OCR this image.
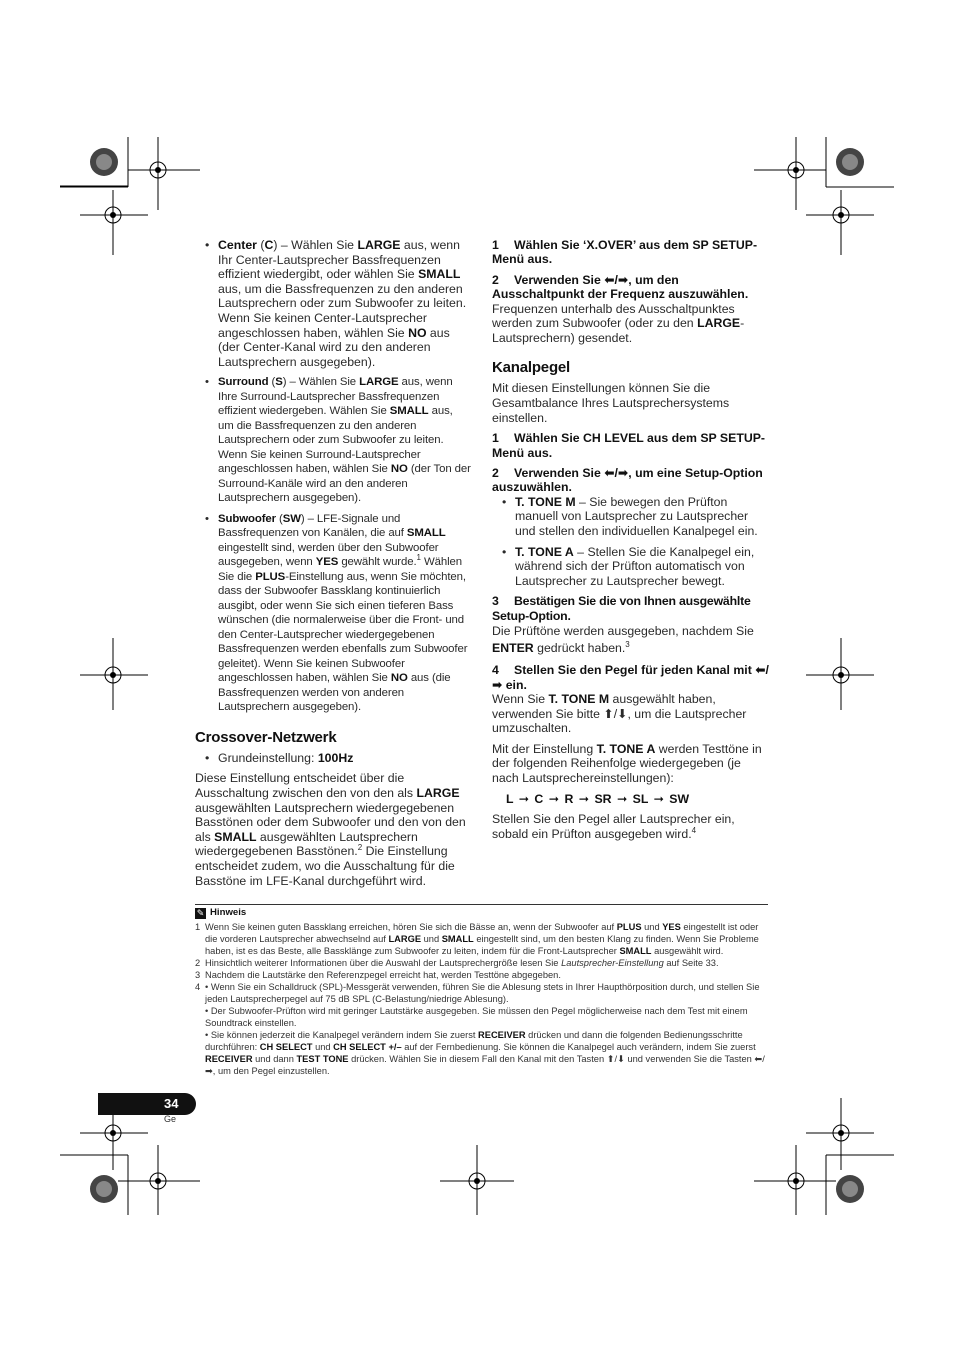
• Center (C) – Wählen Sie LARGE aus, wenn Ihr Center-Lautsprecher Bassfrequenzen effizient wiedergibt, oder wählen Sie SMALL aus, um die Bassfrequenzen zu den anderen Lautsprechern oder zum Subwoofer zu leiten. Wenn Sie keinen Center-Lautsprecher angeschlossen haben, wählen Sie NO aus (der Center-Kanal wird zu den anderen Lautsprechern ausgegeben).
• Surround (S) – Wählen Sie LARGE aus, wenn Ihre Surround-Lautsprecher Bassfrequenzen effizient wiedergeben. Wählen Sie SMALL aus, um die Bassfrequenzen zu den anderen Lautsprechern oder zum Subwoofer zu leiten. Wenn Sie keinen Surround-Lautsprecher angeschlossen haben, wählen Sie NO (der Ton der Surround-Kanäle wird an den anderen Lautsprechern ausgegeben).
• Subwoofer (SW) – LFE-Signale und Bassfrequenzen von Kanälen, die auf SMALL eingestellt sind, werden über den Subwoofer ausgegeben, wenn YES gewählt wurde.$^1$ Wählen Sie die PLUS-Einstellung aus, wenn Sie möchten, dass der Subwoofer Bassklang kontinuierlich ausgibt, oder wenn Sie sich einen tieferen Bass wünschen (die normalerweise über die Front- und den Center-Lautsprecher wiedergegebenen Bassfrequenzen werden ebenfalls zum Subwoofer geleitet). Wenn Sie keinen Subwoofer angeschlossen haben, wählen Sie NO aus (die Bassfrequenzen werden von anderen Lautsprechern ausgegeben).
Crossover-Netzwerk
• Grundeinstellung: 100Hz

Diese Einstellung entscheidet über die Ausschaltung zwischen den von den als LARGE ausgewählten Lautsprechern wiedergegebenen Basstönen oder dem Subwoofer und den von den als SMALL ausgewählten Lautsprechern wiedergegebenen Basstönen.$^2$ Die Einstellung entscheidet zudem, wo die Ausschaltung für die Basstöne im LFE-Kanal durchgeführt wird.

1 Wählen Sie ‘X.OVER’ aus dem SP SETUP-Menü aus.

2 Verwenden Sie ⬅/➡, um den Ausschaltpunkt der Frequenz auszuwählen.

Frequenzen unterhalb des Ausschaltpunktes werden zum Subwoofer (oder zu den LARGE-Lautsprechern) gesendet.

Kanalpegel

Mit diesen Einstellungen können Sie die Gesamtbalance Ihres Lautsprechersystems einstellen.

1 Wählen Sie CH LEVEL aus dem SP SETUP-Menü aus.

2 Verwenden Sie ⬅/➡, um eine Setup-Option auszuwählen.

• T. TONE M – Sie bewegen den Prüfton manuell von Lautsprecher zu Lautsprecher und stellen den individuellen Kanalpegel ein.
• T. TONE A – Stellen Sie die Kanalpegel ein, während sich der Prüfton automatisch von Lautsprecher zu Lautsprecher bewegt.

3 Bestätigen Sie die von Ihnen ausgewählte Setup-Option.

Die Prüftöne werden ausgegeben, nachdem Sie ENTER gedrückt haben.$^3$

4 Stellen Sie den Pegel für jeden Kanal mit ⬅/➡ ein.

Wenn Sie T. TONE M ausgewählt haben, verwenden Sie bitte ⬆/⬇, um die Lautsprecher umzuschalten.

Mit der Einstellung T. TONE A werden Testtöne in der folgenden Reihenfolge wiedergegeben (je nach Lautsprechereinstellungen):

L ➞ C ➞ R ➞ SR ➞ SL ➞ SW

Stellen Sie den Pegel aller Lautsprecher ein, sobald ein Prüfton ausgegeben wird.$^4$

✎ Hinweis
1 Wenn Sie keinen guten Bassklang erreichen, hören Sie sich die Bässe an, wenn der Subwoofer auf PLUS und YES eingestellt ist oder die vorderen Lautsprecher abwechselnd auf LARGE und SMALL eingestellt sind, um den besten Klang zu finden. Wenn Sie Probleme haben, ist es das Beste, alle Bassklänge zum Subwoofer zu leiten, indem für die Front-Lautsprecher SMALL ausgewählt wird.
2 Hinsichtlich weiterer Informationen über die Auswahl der Lautsprechergröße lesen Sie Lautsprecher-Einstellung auf Seite 33.
3 Nachdem die Lautstärke den Referenzpegel erreicht hat, werden Testtöne abgegeben.
4 • Wenn Sie ein Schalldruck (SPL)-Messgerät verwenden, führen Sie die Ablesung stets in Ihrer Haupthörposition durch, und stellen Sie jeden Lautsprecherpegel auf 75 dB SPL (C-Belastung/niedrige Ablesung).
• Der Subwoofer-Prüfton wird mit geringer Lautstärke ausgegeben. Sie müssen den Pegel möglicherweise nach dem Test mit einem Soundtrack einstellen.
• Sie können jederzeit die Kanalpegel verändern indem Sie zuerst RECEIVER drücken und dann die folgenden Bedienungsschritte durchführen: CH SELECT und CH SELECT +/– auf der Fernbedienung. Sie können die Kanalpegel auch verändern, indem Sie zuerst RECEIVER und dann TEST TONE drücken. Wählen Sie in diesem Fall den Kanal mit den Tasten ⬆/⬇ und verwenden Sie die Tasten ⬅/➡, um den Pegel einzustellen.
34
Ge
